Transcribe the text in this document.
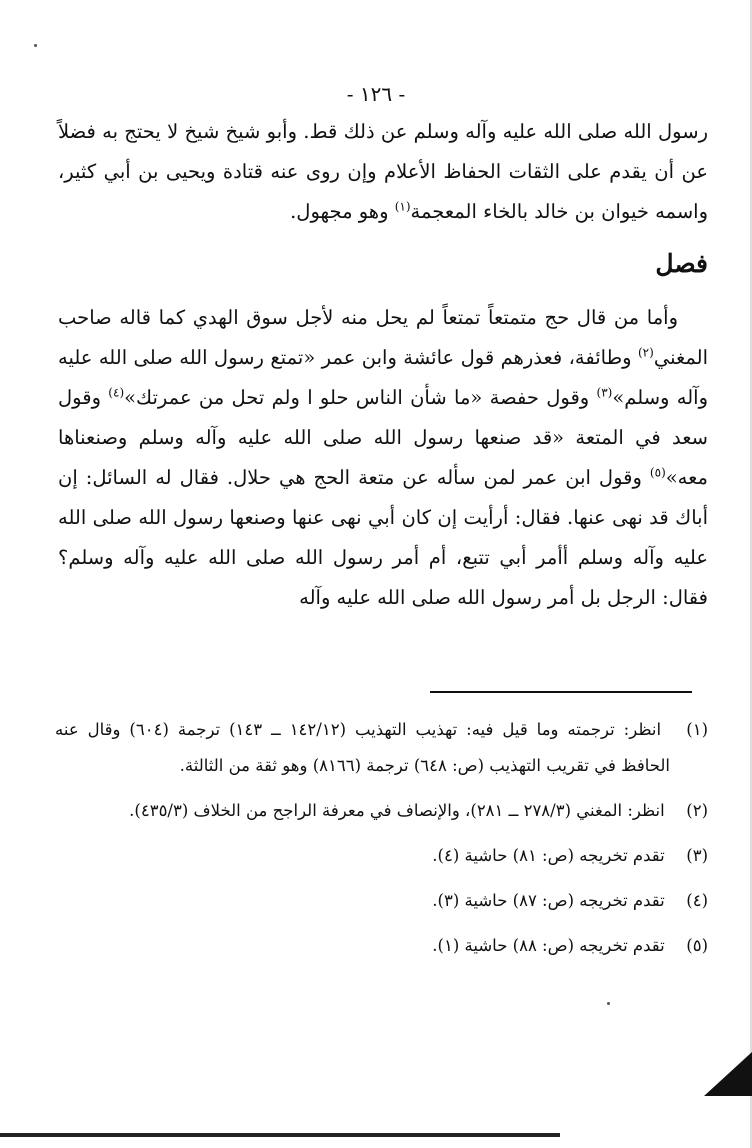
- ١٢٦ -

رسول الله صلى الله عليه وآله وسلم عن ذلك قط. وأبو شيخ شيخ لا يحتج به فضلاً عن أن يقدم على الثقات الحفاظ الأعلام وإن روى عنه قتادة ويحيى بن أبي كثير، واسمه خيوان بن خالد بالخاء المعجمة$^{(١)}$ وهو مجهول.

فصل

وأما من قال حج متمتعاً تمتعاً لم يحل منه لأجل سوق الهدي كما قاله صاحب المغني$^{(٢)}$ وطائفة، فعذرهم قول عائشة وابن عمر «تمتع رسول الله صلى الله عليه وآله وسلم»$^{(٣)}$ وقول حفصة «ما شأن الناس حلو ا ولم تحل من عمرتك»$^{(٤)}$ وقول سعد في المتعة «قد صنعها رسول الله صلى الله عليه وآله وسلم وصنعناها معه»$^{(٥)}$ وقول ابن عمر لمن سأله عن متعة الحج هي حلال. فقال له السائل: إن أباك قد نهى عنها. فقال: أرأيت إن كان أبي نهى عنها وصنعها رسول الله صلى الله عليه وآله وسلم أأمر أبي تتبع، أم أمر رسول الله صلى الله عليه وآله وسلم؟ فقال: الرجل بل أمر رسول الله صلى الله عليه وآله

(١) انظر: ترجمته وما قيل فيه: تهذيب التهذيب (١٤٢/١٢ ــ ١٤٣) ترجمة (٦٠٤) وقال عنه الحافظ في تقريب التهذيب (ص: ٦٤٨) ترجمة (٨١٦٦) وهو ثقة من الثالثة.

(٢) انظر: المغني (٢٧٨/٣ ــ ٢٨١)، والإنصاف في معرفة الراجح من الخلاف (٤٣٥/٣).

(٣) تقدم تخريجه (ص: ٨١) حاشية (٤).

(٤) تقدم تخريجه (ص: ٨٧) حاشية (٣).

(٥) تقدم تخريجه (ص: ٨٨) حاشية (١).
